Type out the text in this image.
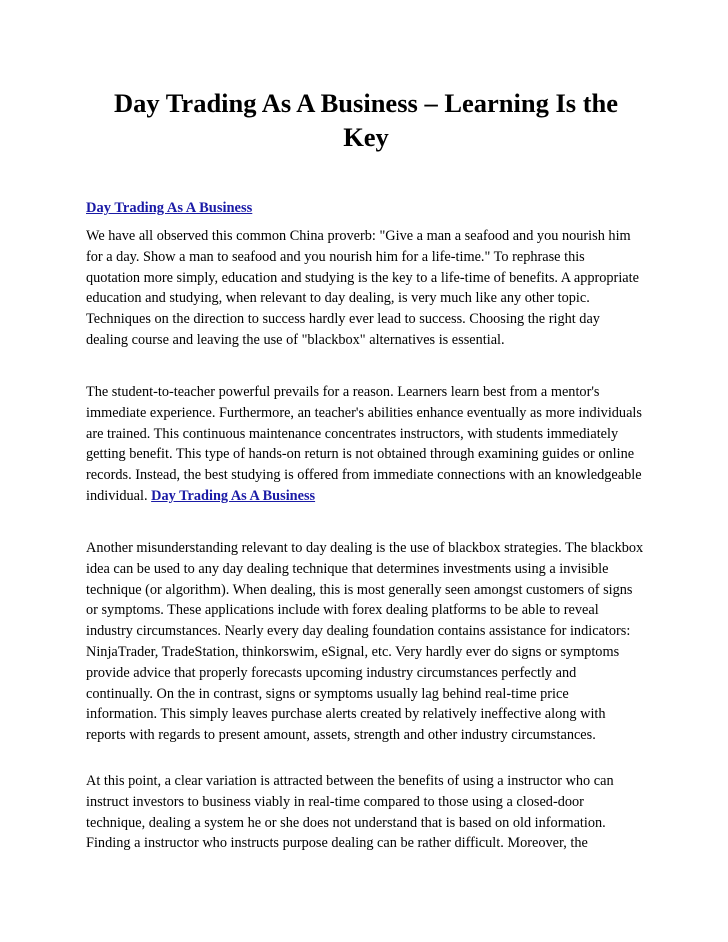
Day Trading As A Business – Learning Is the
Key
Day Trading As A Business
We have all observed this common China proverb: "Give a man a seafood and you nourish him
for a day. Show a man to seafood and you nourish him for a life-time." To rephrase this
quotation more simply, education and studying is the key to a life-time of benefits. A appropriate
education and studying, when relevant to day dealing, is very much like any other topic.
Techniques on the direction to success hardly ever lead to success. Choosing the right day
dealing course and leaving the use of "blackbox" alternatives is essential.
The student-to-teacher powerful prevails for a reason. Learners learn best from a mentor's
immediate experience. Furthermore, an teacher's abilities enhance eventually as more individuals
are trained. This continuous maintenance concentrates instructors, with students immediately
getting benefit. This type of hands-on return is not obtained through examining guides or online
records. Instead, the best studying is offered from immediate connections with an knowledgeable
individual. Day Trading As A Business
Another misunderstanding relevant to day dealing is the use of blackbox strategies. The blackbox
idea can be used to any day dealing technique that determines investments using a invisible
technique (or algorithm). When dealing, this is most generally seen amongst customers of signs
or symptoms. These applications include with forex dealing platforms to be able to reveal
industry circumstances. Nearly every day dealing foundation contains assistance for indicators:
NinjaTrader, TradeStation, thinkorswim, eSignal, etc. Very hardly ever do signs or symptoms
provide advice that properly forecasts upcoming industry circumstances perfectly and
continually. On the in contrast, signs or symptoms usually lag behind real-time price
information. This simply leaves purchase alerts created by relatively ineffective along with
reports with regards to present amount, assets, strength and other industry circumstances.
At this point, a clear variation is attracted between the benefits of using a instructor who can
instruct investors to business viably in real-time compared to those using a closed-door
technique, dealing a system he or she does not understand that is based on old information.
Finding a instructor who instructs purpose dealing can be rather difficult. Moreover, the
